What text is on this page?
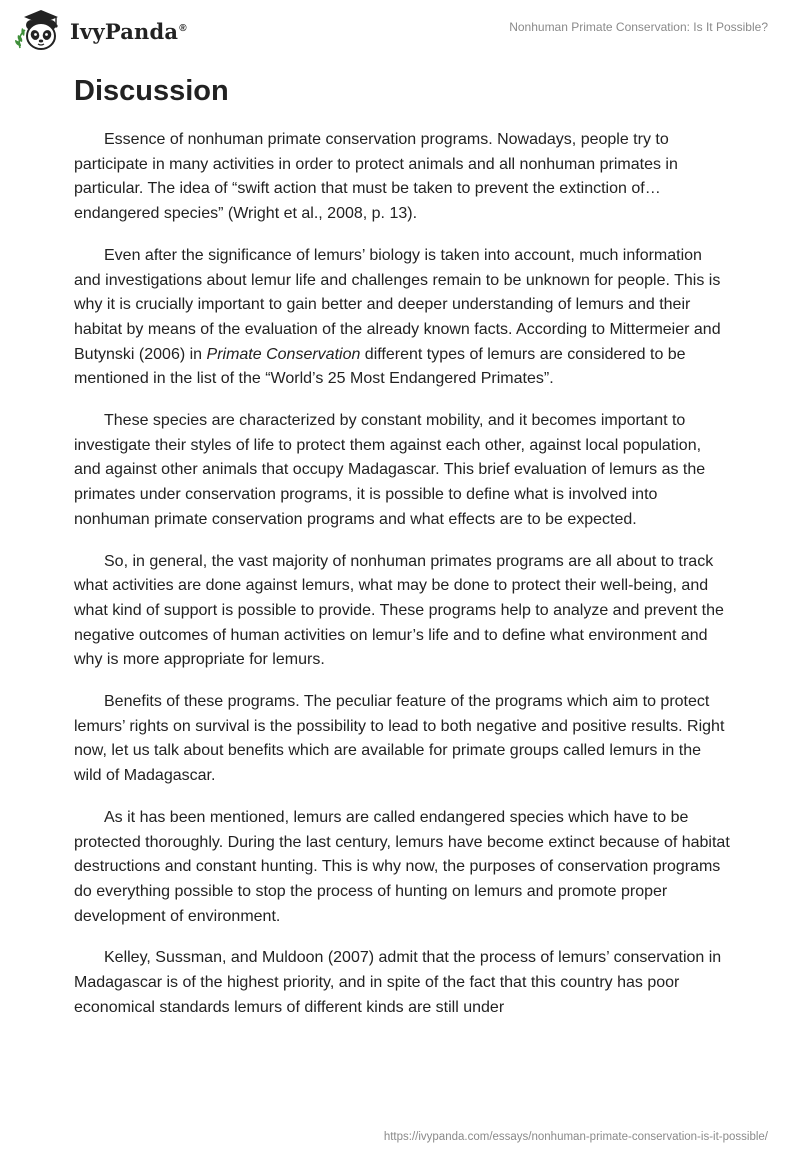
IvyPanda®	Nonhuman Primate Conservation: Is It Possible?
Discussion

Essence of nonhuman primate conservation programs. Nowadays, people try to participate in many activities in order to protect animals and all nonhuman primates in particular. The idea of “swift action that must be taken to prevent the extinction of… endangered species” (Wright et al., 2008, p. 13).

Even after the significance of lemurs’ biology is taken into account, much information and investigations about lemur life and challenges remain to be unknown for people. This is why it is crucially important to gain better and deeper understanding of lemurs and their habitat by means of the evaluation of the already known facts. According to Mittermeier and Butynski (2006) in Primate Conservation different types of lemurs are considered to be mentioned in the list of the “World’s 25 Most Endangered Primates”.

These species are characterized by constant mobility, and it becomes important to investigate their styles of life to protect them against each other, against local population, and against other animals that occupy Madagascar. This brief evaluation of lemurs as the primates under conservation programs, it is possible to define what is involved into nonhuman primate conservation programs and what effects are to be expected.

So, in general, the vast majority of nonhuman primates programs are all about to track what activities are done against lemurs, what may be done to protect their well-being, and what kind of support is possible to provide. These programs help to analyze and prevent the negative outcomes of human activities on lemur’s life and to define what environment and why is more appropriate for lemurs.

Benefits of these programs. The peculiar feature of the programs which aim to protect lemurs’ rights on survival is the possibility to lead to both negative and positive results. Right now, let us talk about benefits which are available for primate groups called lemurs in the wild of Madagascar.

As it has been mentioned, lemurs are called endangered species which have to be protected thoroughly. During the last century, lemurs have become extinct because of habitat destructions and constant hunting. This is why now, the purposes of conservation programs do everything possible to stop the process of hunting on lemurs and promote proper development of environment.

Kelley, Sussman, and Muldoon (2007) admit that the process of lemurs’ conservation in Madagascar is of the highest priority, and in spite of the fact that this country has poor economical standards lemurs of different kinds are still under

https://ivypanda.com/essays/nonhuman-primate-conservation-is-it-possible/
